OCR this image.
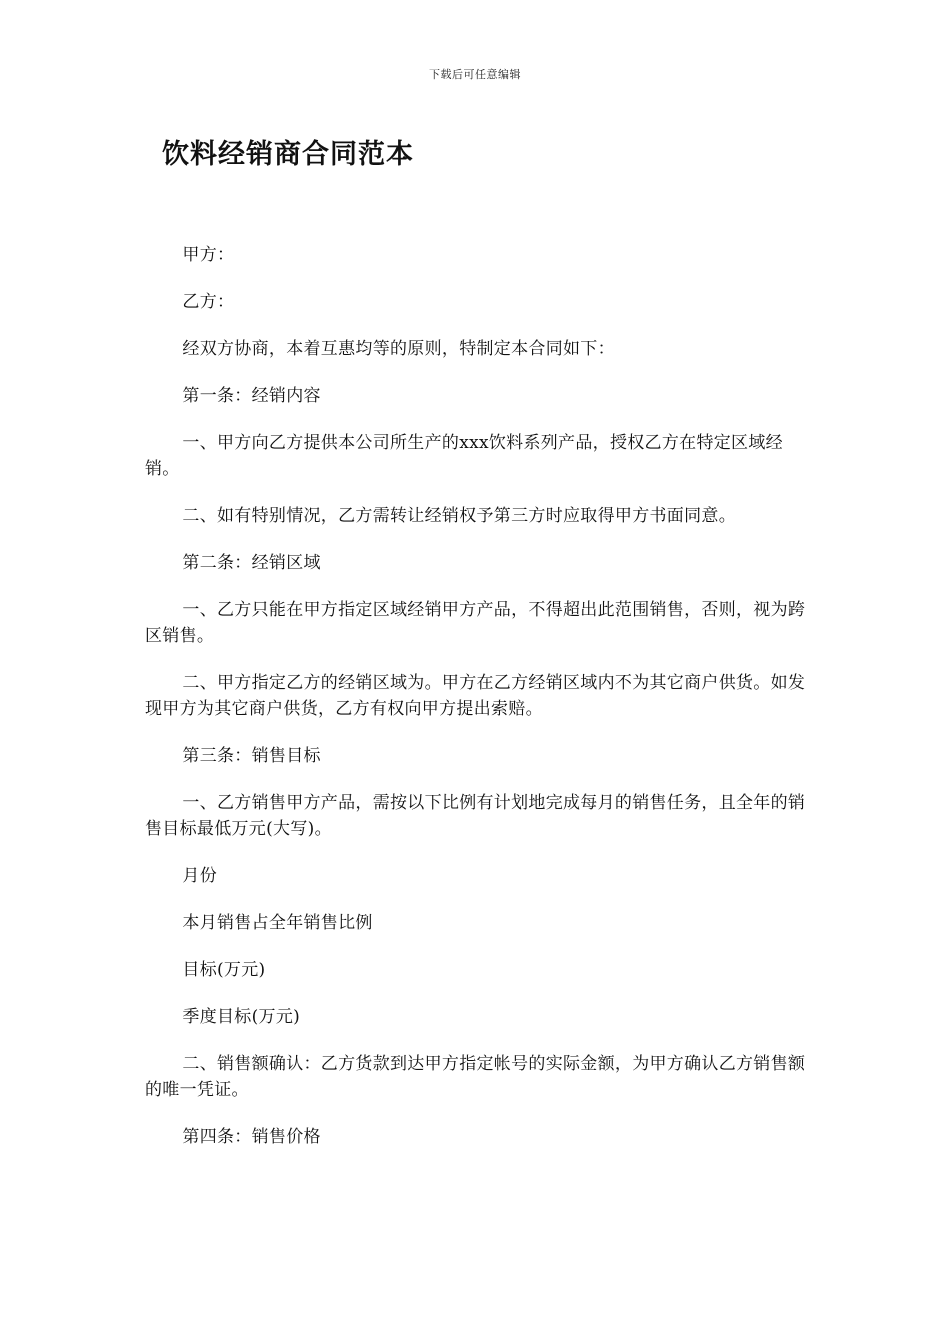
下载后可任意编辑
饮料经销商合同范本

甲方：

乙方：

经双方协商，本着互惠均等的原则，特制定本合同如下：

第一条：经销内容

一、甲方向乙方提供本公司所生产的xxx饮料系列产品，授权乙方在特定区域经销。

二、如有特别情况，乙方需转让经销权予第三方时应取得甲方书面同意。

第二条：经销区域

一、乙方只能在甲方指定区域经销甲方产品，不得超出此范围销售，否则，视为跨区销售。

二、甲方指定乙方的经销区域为。甲方在乙方经销区域内不为其它商户供货。如发现甲方为其它商户供货，乙方有权向甲方提出索赔。

第三条：销售目标

一、乙方销售甲方产品，需按以下比例有计划地完成每月的销售任务，且全年的销售目标最低万元(大写)。

月份

本月销售占全年销售比例

目标(万元)

季度目标(万元)

二、销售额确认：乙方货款到达甲方指定帐号的实际金额，为甲方确认乙方销售额的唯一凭证。

第四条：销售价格
